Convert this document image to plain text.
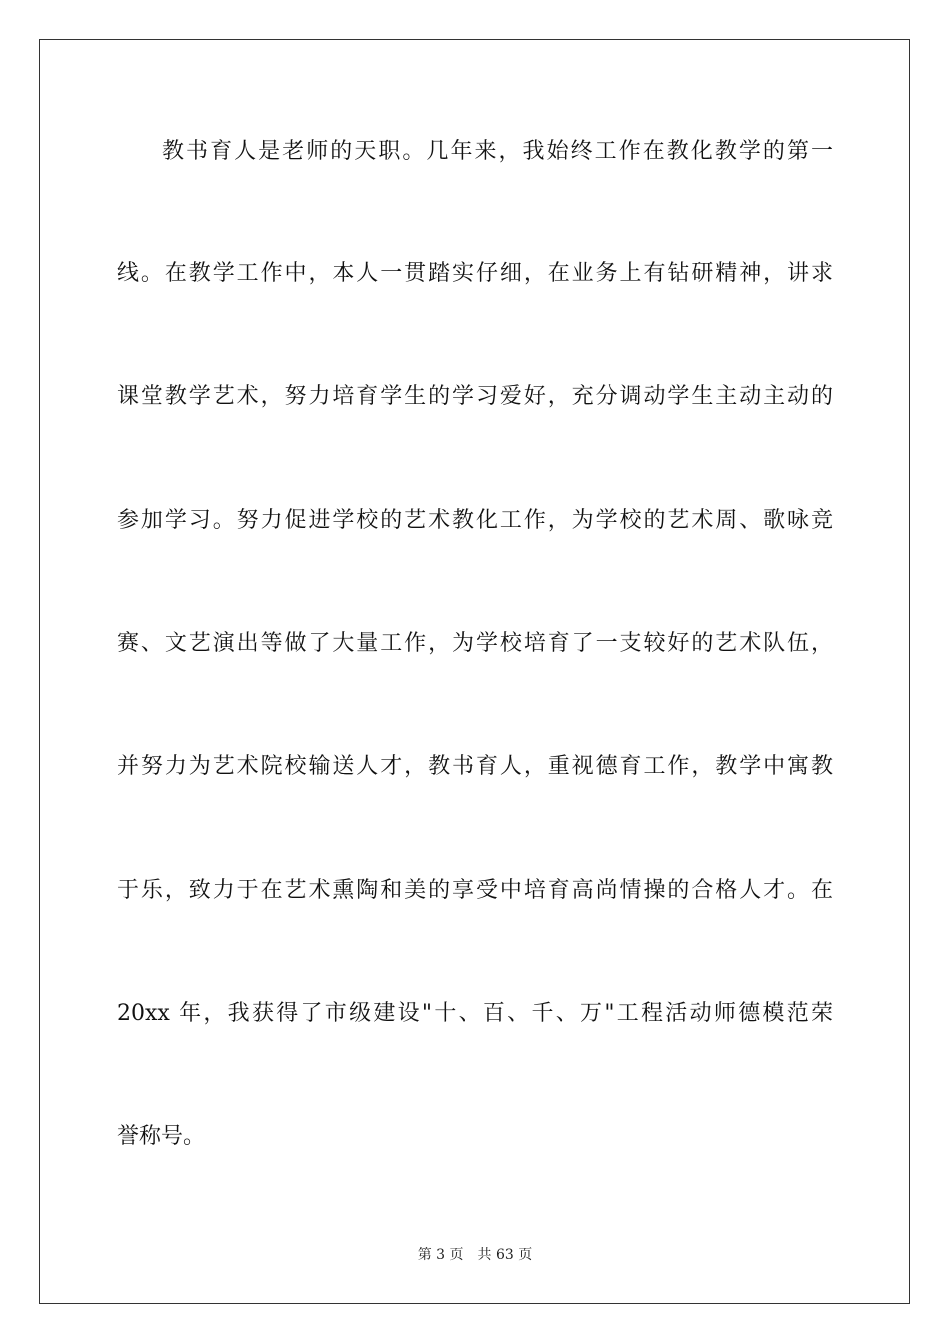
教书育人是老师的天职。几年来，我始终工作在教化教学的第一
线。在教学工作中，本人一贯踏实仔细，在业务上有钻研精神，讲求
课堂教学艺术，努力培育学生的学习爱好，充分调动学生主动主动的
参加学习。努力促进学校的艺术教化工作，为学校的艺术周、歌咏竞
赛、文艺演出等做了大量工作，为学校培育了一支较好的艺术队伍，
并努力为艺术院校输送人才，教书育人，重视德育工作，教学中寓教
于乐，致力于在艺术熏陶和美的享受中培育高尚情操的合格人才。在
20xx 年，我获得了市级建设"十、百、千、万"工程活动师德模范荣
誉称号。
第 3 页 共 63 页
